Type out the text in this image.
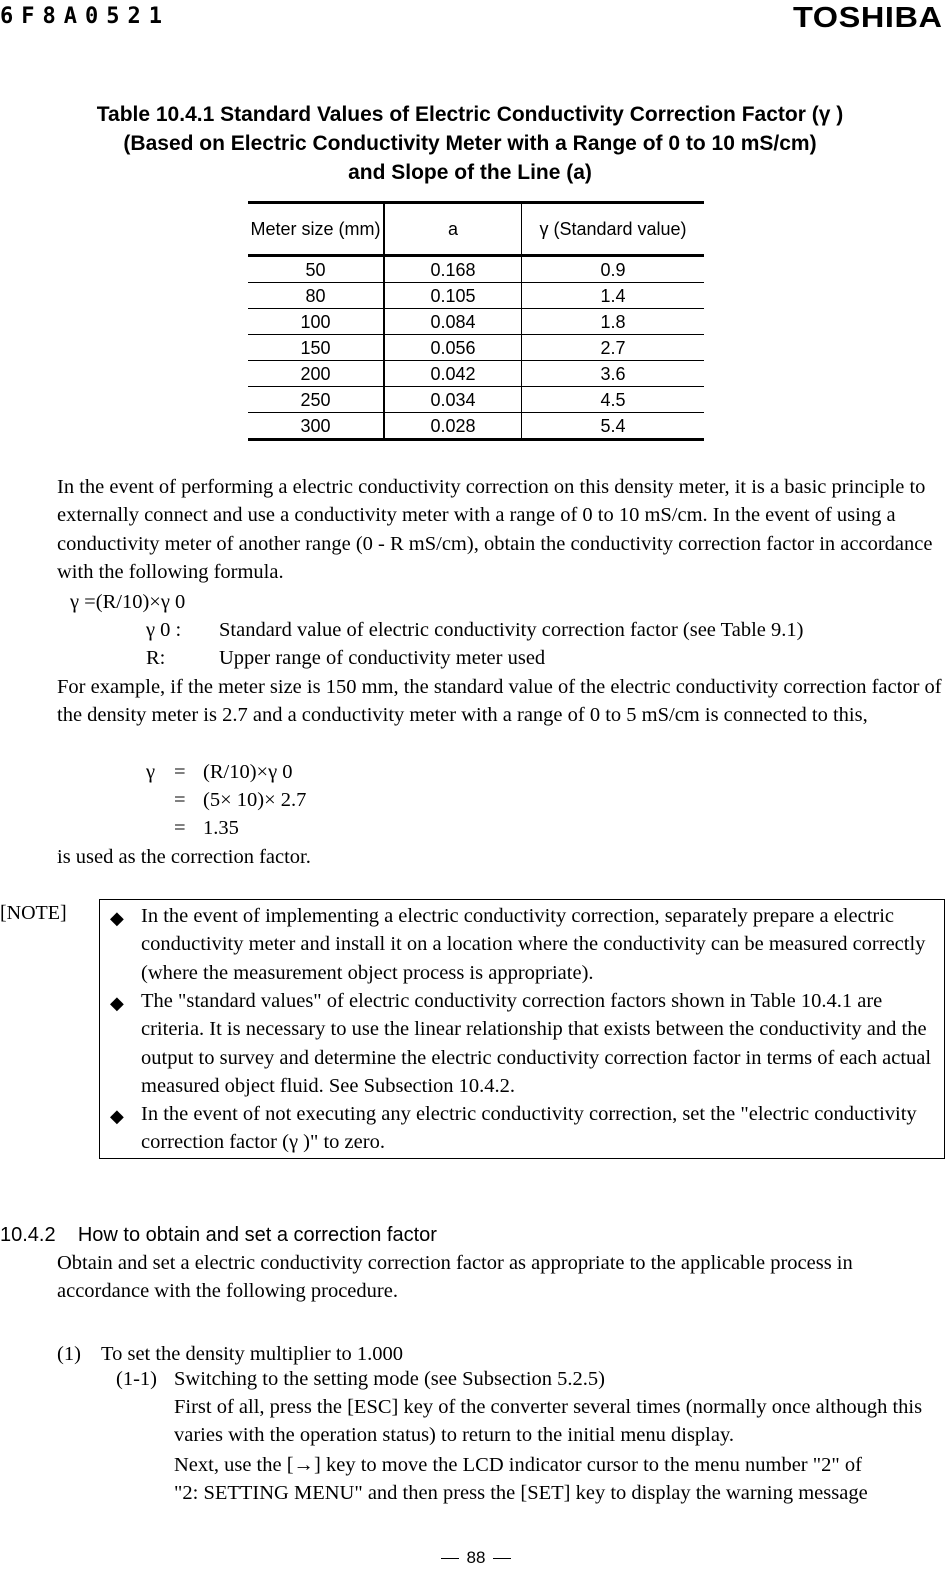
6F8A0521	TOSHIBA
Table 10.4.1 Standard Values of Electric Conductivity Correction Factor (γ )
(Based on Electric Conductivity Meter with a Range of 0 to 10 mS/cm)
and Slope of the Line (a)
Meter size (mm)	a	γ (Standard value)
50	0.168	0.9
80	0.105	1.4
100	0.084	1.8
150	0.056	2.7
200	0.042	3.6
250	0.034	4.5
300	0.028	5.4
In the event of performing a electric conductivity correction on this density meter, it is a basic principle to externally connect and use a conductivity meter with a range of 0 to 10 mS/cm. In the event of using a conductivity meter of another range (0 - R mS/cm), obtain the conductivity correction factor in accordance with the following formula.
γ =(R/10)×γ 0
γ 0 : Standard value of electric conductivity correction factor (see Table 9.1)
R:	Upper range of conductivity meter used
For example, if the meter size is 150 mm, the standard value of the electric conductivity correction factor of the density meter is 2.7 and a conductivity meter with a range of 0 to 5 mS/cm is connected to this,
γ = (R/10)×γ 0
= (5× 10)× 2.7
= 1.35
is used as the correction factor.
[NOTE] ◆ In the event of implementing a electric conductivity correction, separately prepare a electric conductivity meter and install it on a location where the conductivity can be measured correctly (where the measurement object process is appropriate).
◆ The "standard values" of electric conductivity correction factors shown in Table 10.4.1 are criteria. It is necessary to use the linear relationship that exists between the conductivity and the output to survey and determine the electric conductivity correction factor in terms of each actual measured object fluid. See Subsection 10.4.2.
◆ In the event of not executing any electric conductivity correction, set the "electric conductivity correction factor (γ )" to zero.
10.4.2    How to obtain and set a correction factor
Obtain and set a electric conductivity correction factor as appropriate to the applicable process in accordance with the following procedure.
(1) To set the density multiplier to 1.000
(1-1) Switching to the setting mode (see Subsection 5.2.5)
First of all, press the [ESC] key of the converter several times (normally once although this varies with the operation status) to return to the initial menu display.
Next, use the [→] key to move the LCD indicator cursor to the menu number "2" of
"2: SETTING MENU" and then press the [SET] key to display the warning message
88
